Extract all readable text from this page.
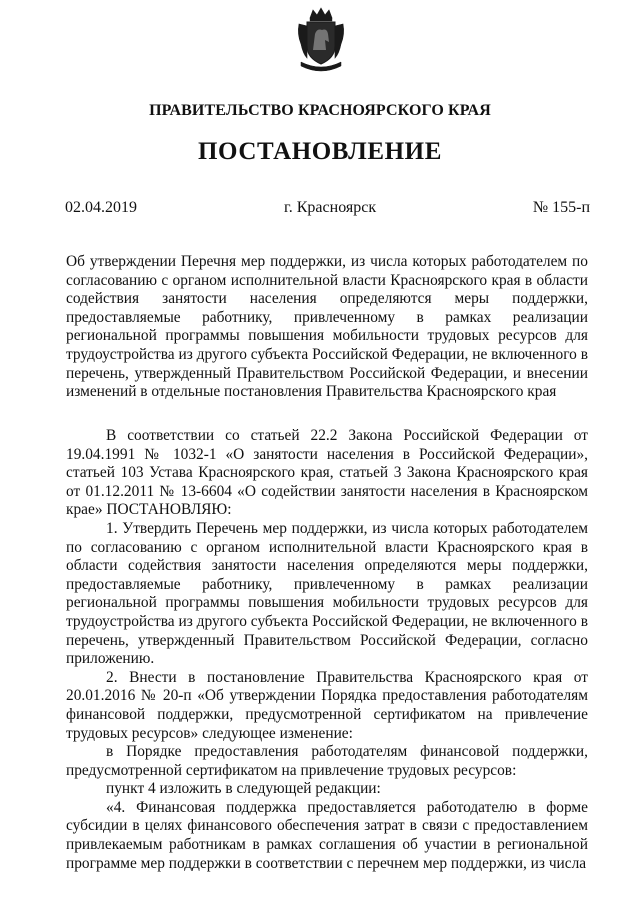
ПРАВИТЕЛЬСТВО КРАСНОЯРСКОГО КРАЯ
ПОСТАНОВЛЕНИЕ
02.04.2019	г. Красноярск	№ 155-п
Об утверждении Перечня мер поддержки, из числа которых работодателем по согласованию с органом исполнительной власти Красноярского края в области содействия занятости населения определяются меры поддержки, предоставляемые работнику, привлеченному в рамках реализации региональной программы повышения мобильности трудовых ресурсов для трудоустройства из другого субъекта Российской Федерации, не включенного в перечень, утвержденный Правительством Российской Федерации, и внесении изменений в отдельные постановления Правительства Красноярского края

В соответствии со статьей 22.2 Закона Российской Федерации от 19.04.1991 № 1032-1 «О занятости населения в Российской Федерации», статьей 103 Устава Красноярского края, статьей 3 Закона Красноярского края от 01.12.2011 № 13-6604 «О содействии занятости населения в Красноярском крае» ПОСТАНОВЛЯЮ:

1. Утвердить Перечень мер поддержки, из числа которых работодателем по согласованию с органом исполнительной власти Красноярского края в области содействия занятости населения определяются меры поддержки, предоставляемые работнику, привлеченному в рамках реализации региональной программы повышения мобильности трудовых ресурсов для трудоустройства из другого субъекта Российской Федерации, не включенного в перечень, утвержденный Правительством Российской Федерации, согласно приложению.

2. Внести в постановление Правительства Красноярского края от 20.01.2016 № 20-п «Об утверждении Порядка предоставления работодателям финансовой поддержки, предусмотренной сертификатом на привлечение трудовых ресурсов» следующее изменение:

в Порядке предоставления работодателям финансовой поддержки, предусмотренной сертификатом на привлечение трудовых ресурсов:

пункт 4 изложить в следующей редакции:

«4. Финансовая поддержка предоставляется работодателю в форме субсидии в целях финансового обеспечения затрат в связи с предоставлением привлекаемым работникам в рамках соглашения об участии в региональной программе мер поддержки в соответствии с перечнем мер поддержки, из числа
